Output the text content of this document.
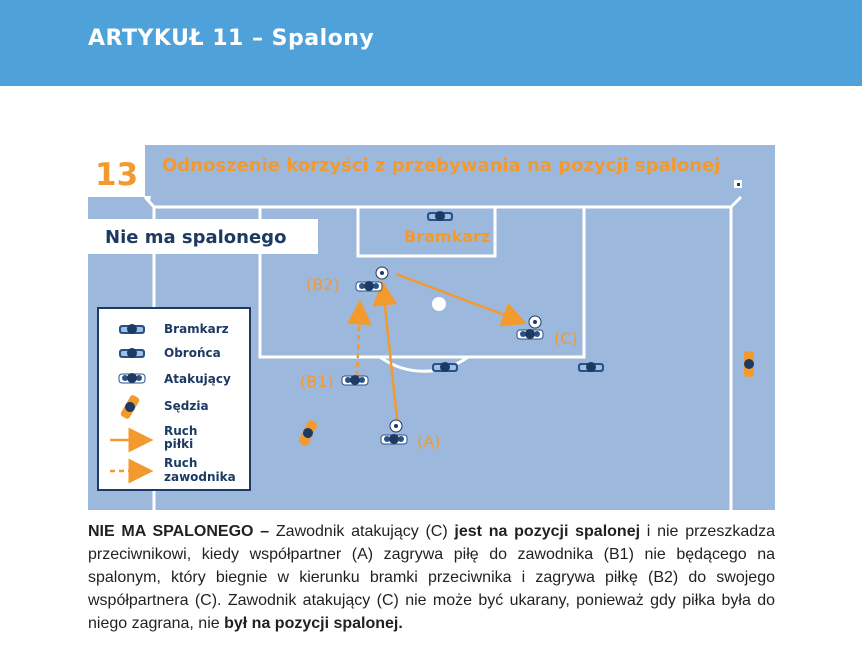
ARTYKUŁ 11 – Spalony
13 Odnoszenie korzyści z przebywania na pozycji spalonej
Nie ma spalonego	Bramkarz
(B2)
(C)
(B1)
(A)
Bramkarz
Obrońca
Atakujący
Sędzia
Ruch
piłki
Ruch
zawodnika
NIE MA SPALONEGO – Zawodnik atakujący (C) jest na pozycji spalonej i nie przeszkadza przeciwnikowi, kiedy współpartner (A) zagrywa piłę do zawodnika (B1) nie będącego na spalonym, który biegnie w kierunku bramki przeciwnika i zagrywa piłkę (B2) do swojego współpartnera (C). Zawodnik atakujący (C) nie może być ukarany, ponieważ gdy piłka była do niego zagrana, nie był na pozycji spalonej.
